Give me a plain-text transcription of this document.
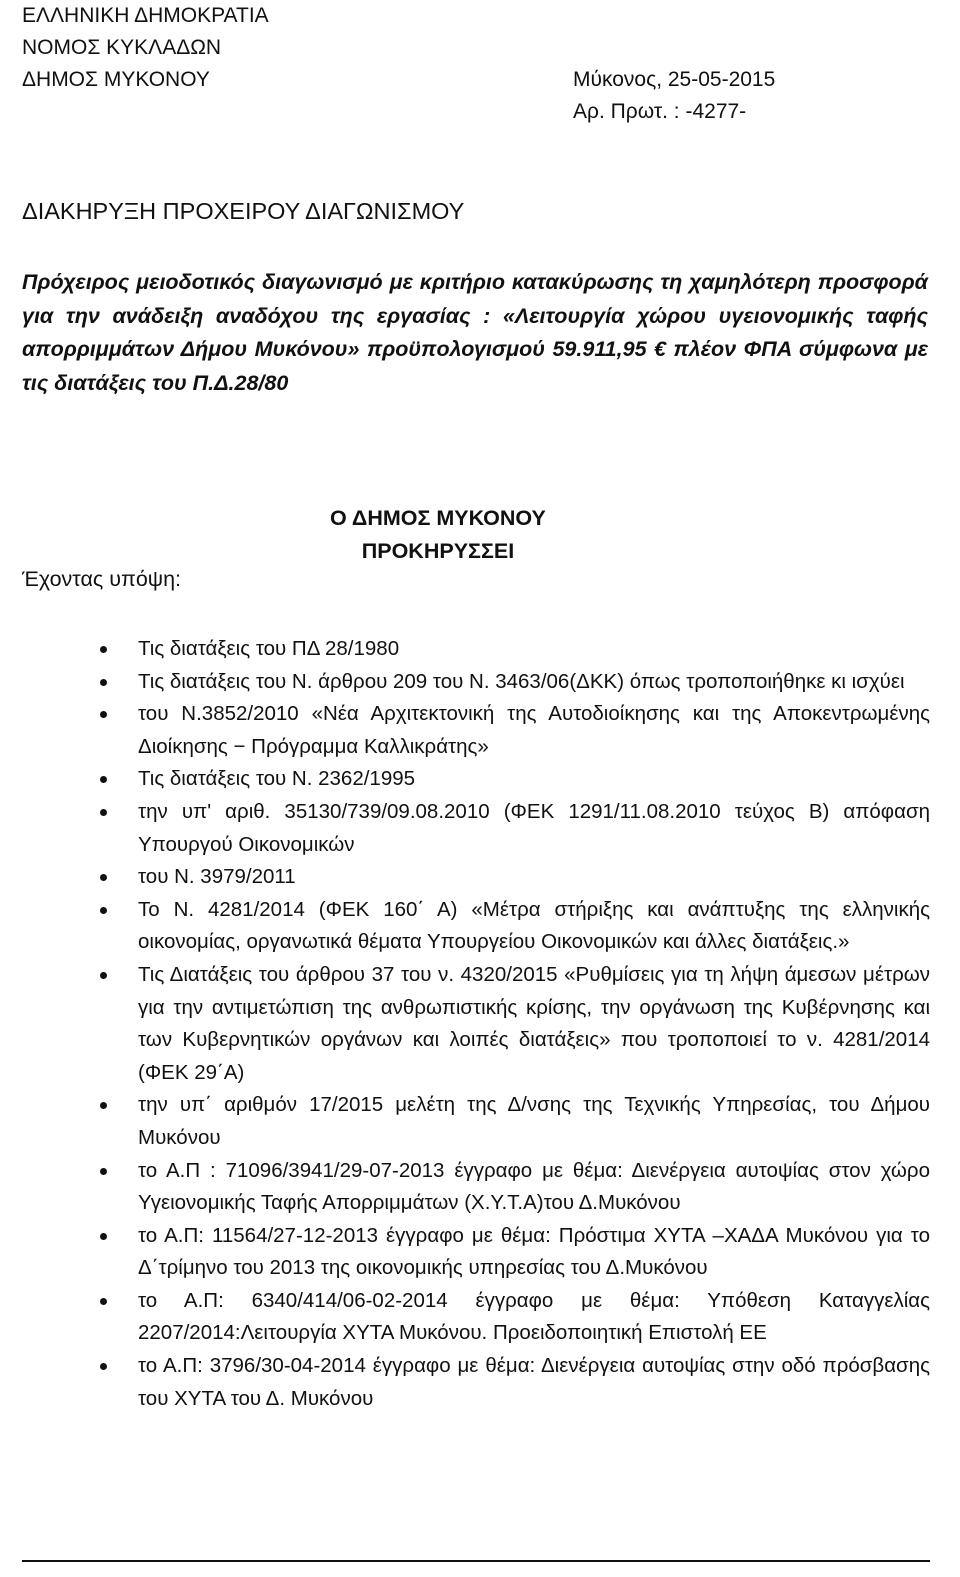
ΕΛΛΗΝΙΚΗ ΔΗΜΟΚΡΑΤΙΑ
ΝΟΜΟΣ ΚΥΚΛΑΔΩΝ
ΔΗΜΟΣ ΜΥΚΟΝΟΥ	Μύκονος, 25-05-2015
Αρ. Πρωτ. : -4277-
ΔΙΑΚΗΡΥΞΗ ΠΡΟΧΕΙΡΟΥ ΔΙΑΓΩΝΙΣΜΟΥ
Πρόχειρος μειοδοτικός διαγωνισμό με κριτήριο κατακύρωσης τη χαμηλότερη προσφορά για την ανάδειξη αναδόχου της εργασίας : «Λειτουργία χώρου υγειονομικής ταφής απορριμμάτων Δήμου Μυκόνου» προϋπολογισμού 59.911,95 € πλέον ΦΠΑ σύμφωνα με τις διατάξεις του Π.Δ.28/80
Ο ΔΗΜΟΣ ΜΥΚΟΝΟΥ
ΠΡΟΚΗΡΥΣΣΕΙ
Έχοντας υπόψη:
Τις διατάξεις του ΠΔ 28/1980
Τις διατάξεις του Ν. άρθρου 209 του Ν. 3463/06(ΔΚΚ) όπως τροποποιήθηκε κι ισχύει
του Ν.3852/2010 «Νέα Αρχιτεκτονική της Αυτοδιοίκησης και της Αποκεντρωμένης Διοίκησης − Πρόγραμμα Καλλικράτης»
Τις διατάξεις του Ν. 2362/1995
την υπ' αριθ. 35130/739/09.08.2010 (ΦΕΚ 1291/11.08.2010 τεύχος Β) απόφαση Υπουργού Οικονομικών
του Ν. 3979/2011
Το Ν. 4281/2014 (ΦΕΚ 160΄ Α) «Μέτρα στήριξης και ανάπτυξης της ελληνικής οικονομίας, οργανωτικά θέματα Υπουργείου Οικονομικών και άλλες διατάξεις.»
Τις Διατάξεις του άρθρου 37 του ν. 4320/2015 «Ρυθμίσεις για τη λήψη άμεσων μέτρων για την αντιμετώπιση της ανθρωπιστικής κρίσης, την οργάνωση της Κυβέρνησης και των Κυβερνητικών οργάνων και λοιπές διατάξεις» που τροποποιεί το ν. 4281/2014 (ΦΕΚ 29΄Α)
την υπ΄ αριθμόν 17/2015 μελέτη της Δ/νσης της Τεχνικής Υπηρεσίας, του Δήμου Μυκόνου
το Α.Π : 71096/3941/29-07-2013 έγγραφο με θέμα: Διενέργεια αυτοψίας στον χώρο Υγειονομικής Ταφής Απορριμμάτων (Χ.Υ.Τ.Α)του Δ.Μυκόνου
το Α.Π: 11564/27-12-2013 έγγραφο με θέμα: Πρόστιμα ΧΥΤΑ –ΧΑΔΑ Μυκόνου για το Δ΄τρίμηνο του 2013 της οικονομικής υπηρεσίας του Δ.Μυκόνου
το Α.Π: 6340/414/06-02-2014 έγγραφο με θέμα: Υπόθεση Καταγγελίας 2207/2014:Λειτουργία ΧΥΤΑ Μυκόνου. Προειδοποιητική Επιστολή ΕΕ
το Α.Π: 3796/30-04-2014 έγγραφο με θέμα: Διενέργεια αυτοψίας στην οδό πρόσβασης του ΧΥΤΑ του Δ. Μυκόνου
